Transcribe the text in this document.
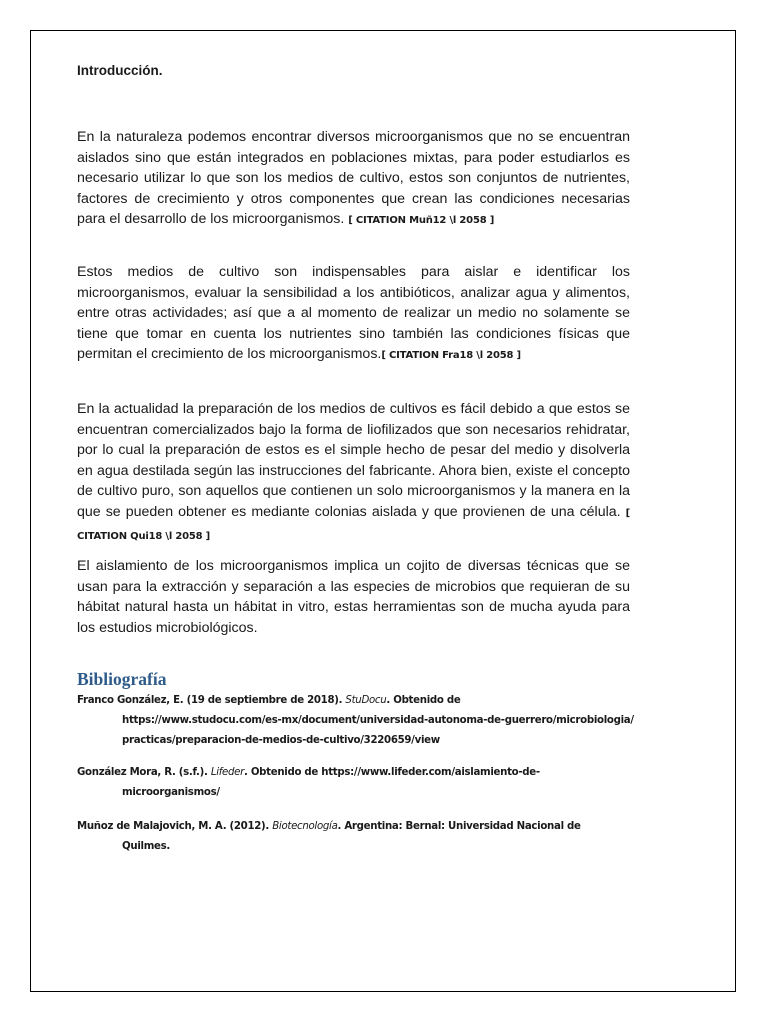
Introducción.

En la naturaleza podemos encontrar diversos microorganismos que no se encuentran aislados sino que están integrados en poblaciones mixtas, para poder estudiarlos es necesario utilizar lo que son los medios de cultivo, estos son conjuntos de nutrientes, factores de crecimiento y otros componentes que crean las condiciones necesarias para el desarrollo de los microorganismos. [ CITATION Muñ12 \l 2058 ]

Estos medios de cultivo son indispensables para aislar e identificar los microorganismos, evaluar la sensibilidad a los antibióticos, analizar agua y alimentos, entre otras actividades; así que a al momento de realizar un medio no solamente se tiene que tomar en cuenta los nutrientes sino también las condiciones físicas que permitan el crecimiento de los microorganismos.[ CITATION Fra18 \l 2058 ]

En la actualidad la preparación de los medios de cultivos es fácil debido a que estos se encuentran comercializados bajo la forma de liofilizados que son necesarios rehidratar, por lo cual la preparación de estos es el simple hecho de pesar del medio y disolverla en agua destilada según las instrucciones del fabricante. Ahora bien, existe el concepto de cultivo puro, son aquellos que contienen un solo microorganismos y la manera en la que se pueden obtener es mediante colonias aislada y que provienen de una célula. [ CITATION Qui18 \l 2058 ]

El aislamiento de los microorganismos implica un cojito de diversas técnicas que se usan para la extracción y separación a las especies de microbios que requieran de su hábitat natural hasta un hábitat in vitro, estas herramientas son de mucha ayuda para los estudios microbiológicos.

Bibliografía
Franco González, E. (19 de septiembre de 2018). StuDocu. Obtenido de
https://www.studocu.com/es-mx/document/universidad-autonoma-de-guerrero/microbiologia/practicas/preparacion-de-medios-de-cultivo/3220659/view
González Mora, R. (s.f.). Lifeder. Obtenido de https://www.lifeder.com/aislamiento-de-
microorganismos/
Muñoz de Malajovich, M. A. (2012). Biotecnología. Argentina: Bernal: Universidad Nacional de
Quilmes.
